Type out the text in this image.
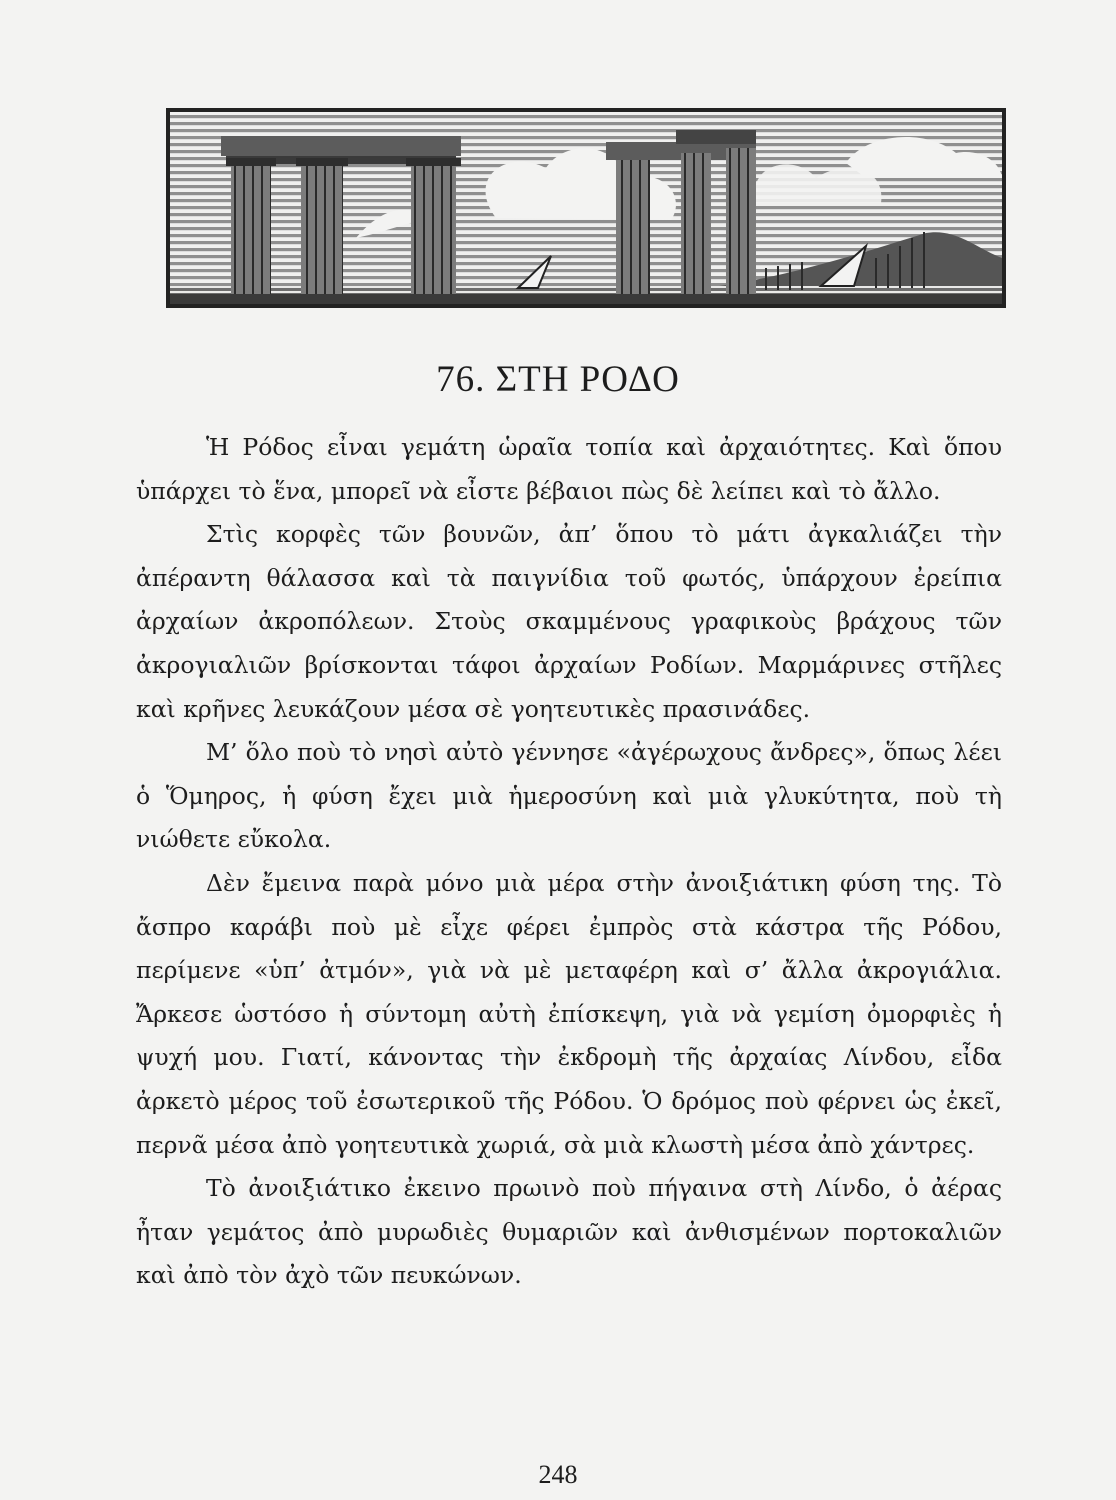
76. ΣΤΗ ΡΟΔΟ

Ἡ Ρόδος εἶναι γεμάτη ὡραῖα τοπία καὶ ἀρχαιότητες. Καὶ ὅπου ὑπάρχει τὸ ἕνα, μπορεῖ νὰ εἶστε βέβαιοι πὼς δὲ λείπει καὶ τὸ ἄλλο.

Στὶς κορφὲς τῶν βουνῶν, ἀπ’ ὅπου τὸ μάτι ἀγκαλιάζει τὴν ἀπέραντη θάλασσα καὶ τὰ παιγνίδια τοῦ φωτός, ὑπάρχουν ἐρείπια ἀρχαίων ἀκροπόλεων. Στοὺς σκαμμένους γραφικοὺς βράχους τῶν ἀκρογιαλιῶν βρίσκονται τάφοι ἀρχαίων Ροδίων. Μαρμάρινες στῆλες καὶ κρῆνες λευκάζουν μέσα σὲ γοητευτικὲς πρασινάδες.

Μ’ ὅλο ποὺ τὸ νησὶ αὐτὸ γέννησε «ἀγέρωχους ἄνδρες», ὅπως λέει ὁ Ὅμηρος, ἡ φύση ἔχει μιὰ ἡμεροσύνη καὶ μιὰ γλυκύτητα, ποὺ τὴ νιώθετε εὔκολα.

Δὲν ἔμεινα παρὰ μόνο μιὰ μέρα στὴν ἀνοιξιάτικη φύση της. Τὸ ἄσπρο καράβι ποὺ μὲ εἶχε φέρει ἐμπρὸς στὰ κάστρα τῆς Ρόδου, περίμενε «ὑπ’ ἀτμόν», γιὰ νὰ μὲ μεταφέρη καὶ σ’ ἄλλα ἀκρογιάλια. Ἄρκεσε ὡστόσο ἡ σύντομη αὐτὴ ἐπίσκεψη, γιὰ νὰ γεμίση ὀμορφιὲς ἡ ψυχή μου. Γιατί, κάνοντας τὴν ἐκδρομὴ τῆς ἀρχαίας Λίνδου, εἶδα ἀρκετὸ μέρος τοῦ ἐσωτερικοῦ τῆς Ρόδου. Ὁ δρόμος ποὺ φέρνει ὡς ἐκεῖ, περνᾶ μέσα ἀπὸ γοητευτικὰ χωριά, σὰ μιὰ κλωστὴ μέσα ἀπὸ χάντρες.

Τὸ ἀνοιξιάτικο ἐκεινο πρωινὸ ποὺ πήγαινα στὴ Λίνδο, ὁ ἀέρας ἦταν γεμάτος ἀπὸ μυρωδιὲς θυμαριῶν καὶ ἀνθισμένων πορτοκαλιῶν καὶ ἀπὸ τὸν ἀχὸ τῶν πευκώνων.

248
